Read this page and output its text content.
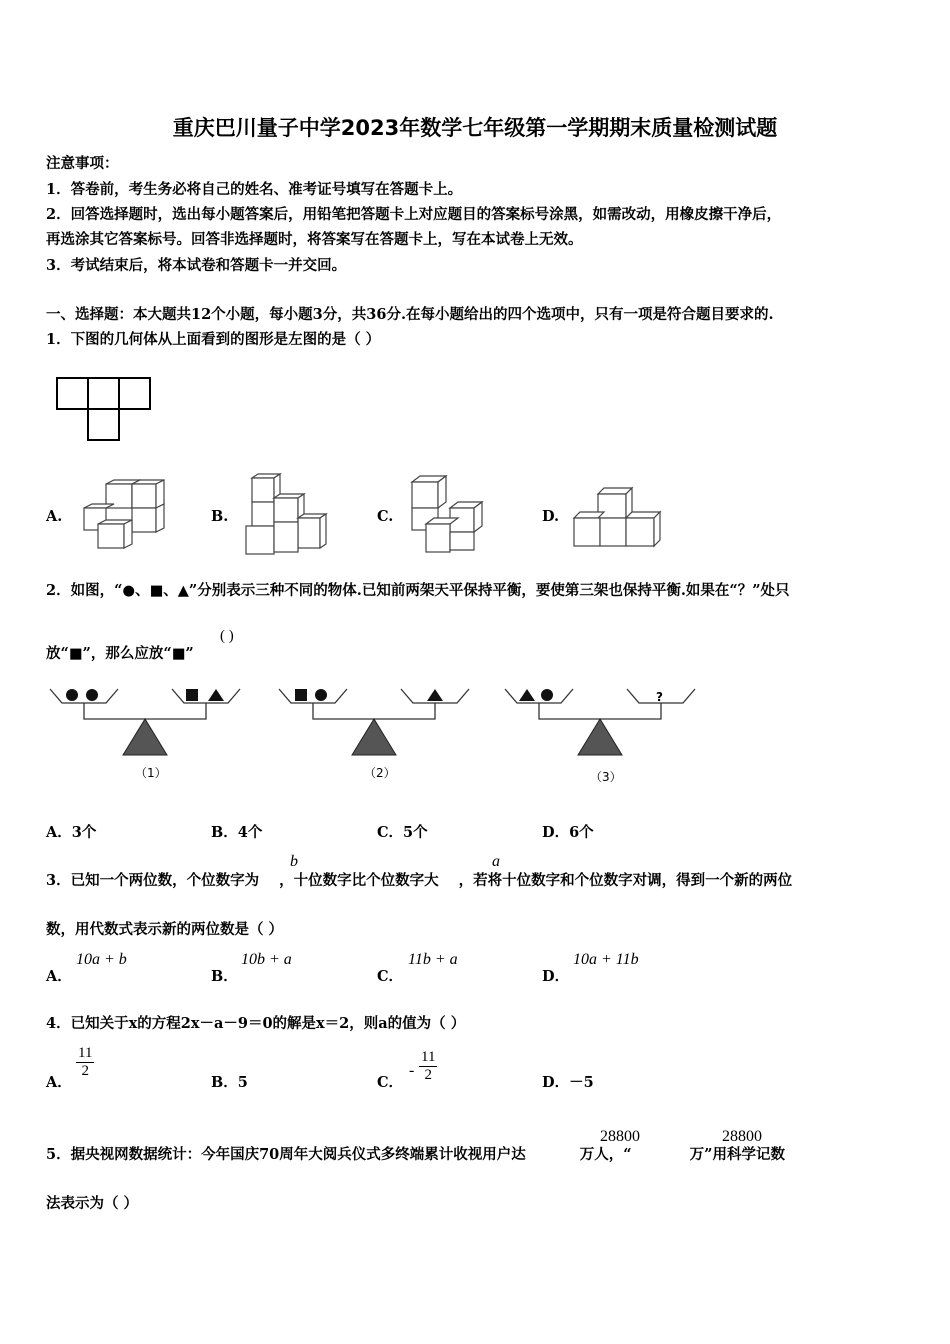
重庆巴川量子中学2023年数学七年级第一学期期末质量检测试题
注意事项：
1．答卷前，考生务必将自己的姓名、准考证号填写在答题卡上。
2．回答选择题时，选出每小题答案后，用铅笔把答题卡上对应题目的答案标号涂黑，如需改动，用橡皮擦干净后，
再选涂其它答案标号。回答非选择题时，将答案写在答题卡上，写在本试卷上无效。
3．考试结束后，将本试卷和答题卡一并交回。
一、选择题：本大题共12个小题，每小题3分，共36分.在每小题给出的四个选项中，只有一项是符合题目要求的.
1．下图的几何体从上面看到的图形是左图的是（ ）
A.	B.	C.	D.
2．如图，“●、■、▲”分别表示三种不同的物体.已知前两架天平保持平衡，要使第三架也保持平衡.如果在“？”处只
放“■”，那么应放“■”
( )
（1）	（2）
?
（3）
A．3个	B．4个	C．5个	D．6个
3．已知一个两位数，个位数字为 ，十位数字比个位数字大 ，若将十位数字和个位数字对调，得到一个新的两位
b	a
数，用代数式表示新的两位数是（ ）
A．
10a + b
B．
10b + a
C．
11b + a
D．
10a + 11b
4．已知关于x的方程2x－a－9＝0的解是x＝2，则a的值为（ ）
A．
$\frac{11}{2}$
B．5	C．
- $\frac{11}{2}$	D．－5
5．据央视网数据统计：今年国庆70周年大阅兵仪式多终端累计收视用户达	万人，“	万”用科学记数
28800	28800
法表示为（ ）
